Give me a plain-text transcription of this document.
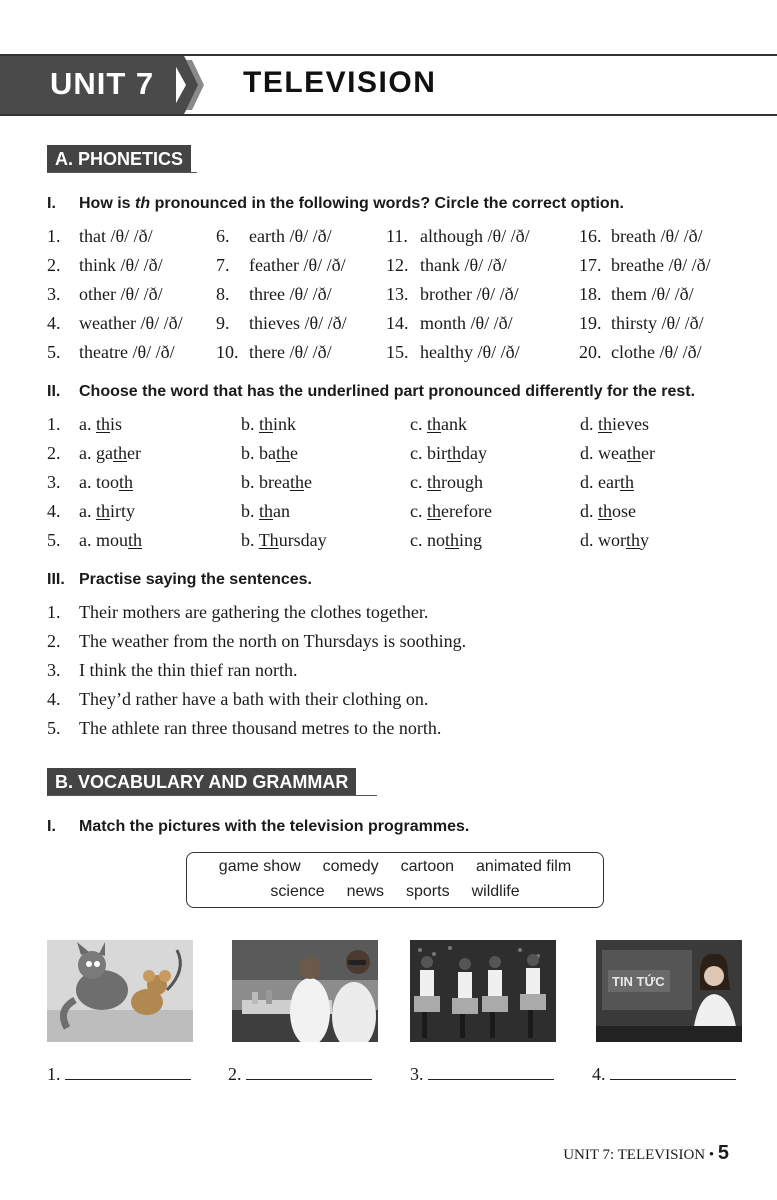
UNIT 7	TELEVISION
A. PHONETICS
I. How is th pronounced in the following words? Circle the correct option.
1. that /θ/ /ð/	6. earth /θ/ /ð/	11. although /θ/ /ð/	16. breath /θ/ /ð/
2. think /θ/ /ð/	7. feather /θ/ /ð/ 12. thank /θ/ /ð/	17. breathe /θ/ /ð/
3. other /θ/ /ð/	8. three /θ/ /ð/	13. brother /θ/ /ð/	18. them /θ/ /ð/
4. weather /θ/ /ð/ 9. thieves /θ/ /ð/ 14. month /θ/ /ð/	19. thirsty /θ/ /ð/
5. theatre /θ/ /ð/ 10. there /θ/ /ð/	15. healthy /θ/ /ð/	20. clothe /θ/ /ð/
II. Choose the word that has the underlined part pronounced differently for the rest.
1. a. this	b. think	c. thank	d. thieves
2. a. gather	b. bathe	c. birthday	d. weather
3. a. tooth	b. breathe	c. through	d. earth
4. a. thirty	b. than	c. therefore	d. those
5. a. mouth	b. Thursday	c. nothing	d. worthy
III. Practise saying the sentences.
1. Their mothers are gathering the clothes together.
2. The weather from the north on Thursdays is soothing.
3. I think the thin thief ran north.
4. They’d rather have a bath with their clothing on.
5. The athlete ran three thousand metres to the north.
B. VOCABULARY AND GRAMMAR
I. Match the pictures with the television programmes.
game show comedy cartoon animated film
science news sports wildlife
TIN TỨC
1.	2.	3.	4.
UNIT 7: TELEVISION • 5
